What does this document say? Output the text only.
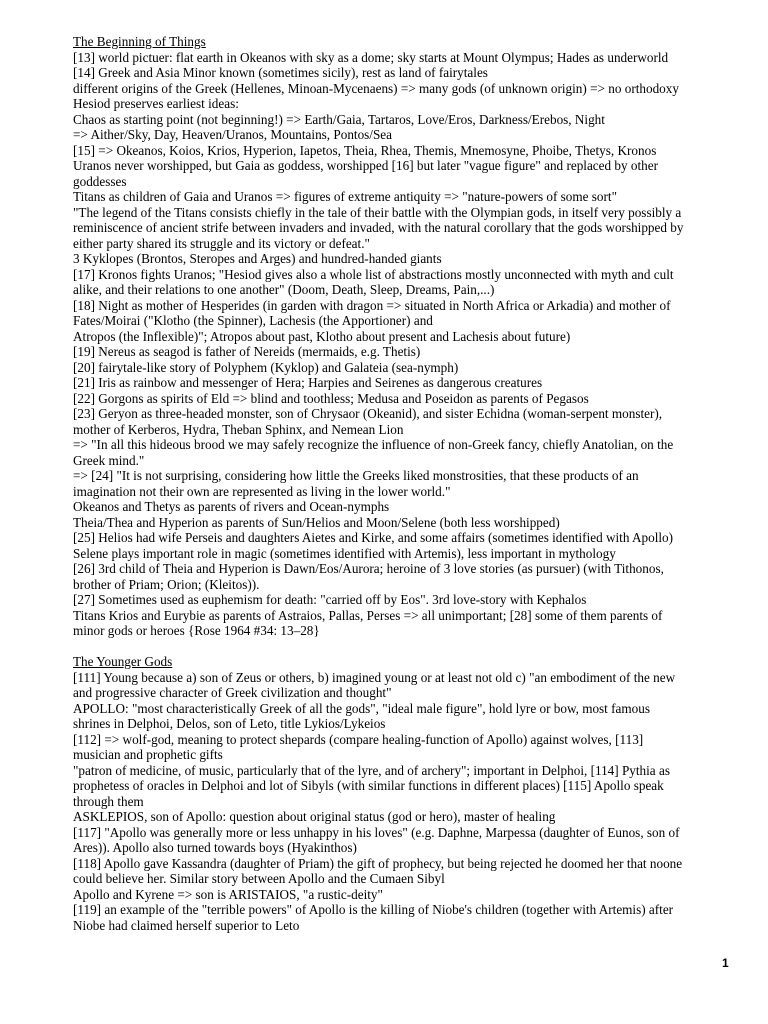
The Beginning of Things
[13] world pictuer: flat earth in Okeanos with sky as a dome; sky starts at Mount Olympus; Hades as underworld
[14] Greek and Asia Minor known (sometimes sicily), rest as land of fairytales
different origins of the Greek (Hellenes, Minoan-Mycenaens) => many gods (of unknown origin) => no orthodoxy
Hesiod preserves earliest ideas:
Chaos as starting point (not beginning!) => Earth/Gaia, Tartaros, Love/Eros, Darkness/Erebos, Night
=> Aither/Sky, Day, Heaven/Uranos, Mountains, Pontos/Sea
[15] => Okeanos, Koios, Krios, Hyperion, Iapetos, Theia, Rhea, Themis, Mnemosyne, Phoibe, Thetys, Kronos
Uranos never worshipped, but Gaia as goddess, worshipped [16] but later "vague figure" and replaced by other
goddesses
Titans as children of Gaia and Uranos => figures of extreme antiquity => "nature-powers of some sort"
"The legend of the Titans consists chiefly in the tale of their battle with the Olympian gods, in itself very possibly a
reminiscence of ancient strife between invaders and invaded, with the natural corollary that the gods worshipped by
either party shared its struggle and its victory or defeat."
3 Kyklopes (Brontos, Steropes and Arges) and hundred-handed giants
[17] Kronos fights Uranos; "Hesiod gives also a whole list of abstractions mostly unconnected with myth and cult
alike, and their relations to one another" (Doom, Death, Sleep, Dreams, Pain,...)
[18] Night as mother of Hesperides (in garden with dragon => situated in North Africa or Arkadia) and mother of
Fates/Moirai ("Klotho (the Spinner), Lachesis (the Apportioner) and
Atropos (the Inflexible)"; Atropos about past, Klotho about present and Lachesis about future)
[19] Nereus as seagod is father of Nereids (mermaids, e.g. Thetis)
[20] fairytale-like story of Polyphem (Kyklop) and Galateia (sea-nymph)
[21] Iris as rainbow and messenger of Hera; Harpies and Seirenes as dangerous creatures
[22] Gorgons as spirits of Eld => blind and toothless; Medusa and Poseidon as parents of Pegasos
[23] Geryon as three-headed monster, son of Chrysaor (Okeanid), and sister Echidna (woman-serpent monster),
mother of Kerberos, Hydra, Theban Sphinx, and Nemean Lion
=> "In all this hideous brood we may safely recognize the influence of non-Greek fancy, chiefly Anatolian, on the
Greek mind."
=> [24] "It is not surprising, considering how little the Greeks liked monstrosities, that these products of an
imagination not their own are represented as living in the lower world."
Okeanos and Thetys as parents of rivers and Ocean-nymphs
Theia/Thea and Hyperion as parents of Sun/Helios and Moon/Selene (both less worshipped)
[25] Helios had wife Perseis and daughters Aietes and Kirke, and some affairs (sometimes identified with Apollo)
Selene plays important role in magic (sometimes identified with Artemis), less important in mythology
[26] 3rd child of Theia and Hyperion is Dawn/Eos/Aurora; heroine of 3 love stories (as pursuer) (with Tithonos,
brother of Priam; Orion; (Kleitos)).
[27] Sometimes used as euphemism for death: "carried off by Eos". 3rd love-story with Kephalos
Titans Krios and Eurybie as parents of Astraios, Pallas, Perses => all unimportant; [28] some of them parents of
minor gods or heroes {Rose 1964 #34: 13–28}
The Younger Gods
[111] Young because a) son of Zeus or others, b) imagined young or at least not old c) "an embodiment of the new
and progressive character of Greek civilization and thought"
APOLLO: "most characteristically Greek of all the gods", "ideal male figure", hold lyre or bow, most famous
shrines in Delphoi, Delos, son of Leto, title Lykios/Lykeios
[112] => wolf-god, meaning to protect shepards (compare healing-function of Apollo) against wolves, [113]
musician and prophetic gifts
"patron of medicine, of music, particularly that of the lyre, and of archery"; important in Delphoi, [114] Pythia as
prophetess of oracles in Delphoi and lot of Sibyls (with similar functions in different places) [115] Apollo speak
through them
ASKLEPIOS, son of Apollo: question about original status (god or hero), master of healing
[117] "Apollo was generally more or less unhappy in his loves" (e.g. Daphne, Marpessa (daughter of Eunos, son of
Ares)). Apollo also turned towards boys (Hyakinthos)
[118] Apollo gave Kassandra (daughter of Priam) the gift of prophecy, but being rejected he doomed her that noone
could believe her. Similar story between Apollo and the Cumaen Sibyl
Apollo and Kyrene => son is ARISTAIOS, "a rustic-deity"
[119] an example of the "terrible powers" of Apollo is the killing of Niobe's children (together with Artemis) after
Niobe had claimed herself superior to Leto
1
